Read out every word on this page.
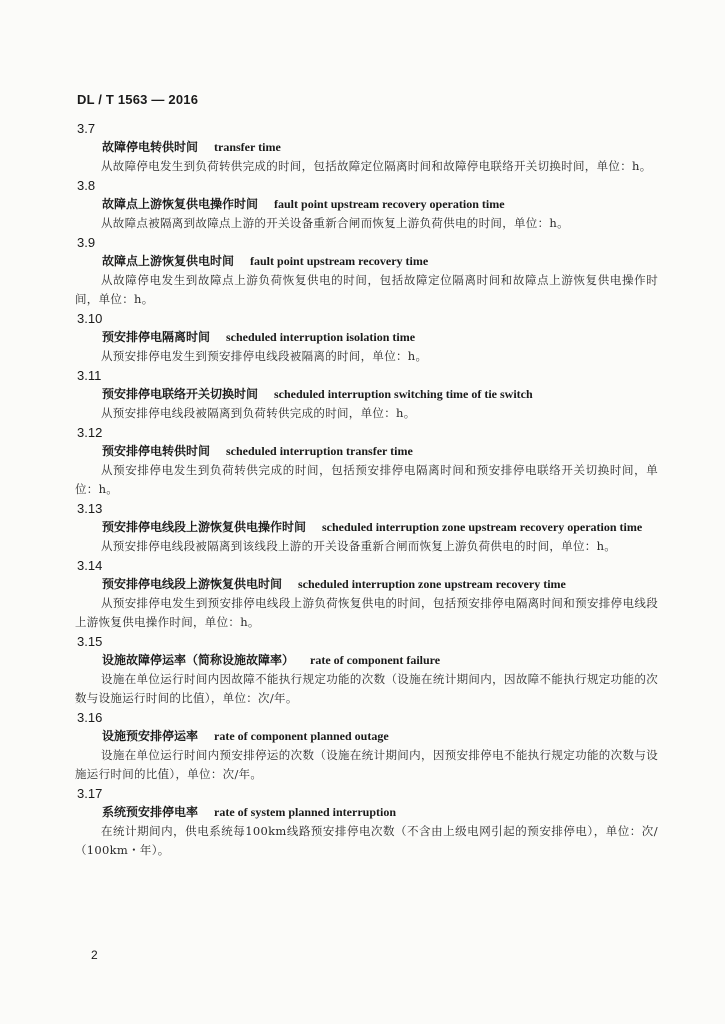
DL / T 1563 — 2016
3.7
故障停电转供时间 transfer time
从故障停电发生到负荷转供完成的时间，包括故障定位隔离时间和故障停电联络开关切换时间，单位：h。
3.8
故障点上游恢复供电操作时间 fault point upstream recovery operation time
从故障点被隔离到故障点上游的开关设备重新合闸而恢复上游负荷供电的时间，单位：h。
3.9
故障点上游恢复供电时间 fault point upstream recovery time
从故障停电发生到故障点上游负荷恢复供电的时间，包括故障定位隔离时间和故障点上游恢复供电操作时间，单位：h。
3.10
预安排停电隔离时间 scheduled interruption isolation time
从预安排停电发生到预安排停电线段被隔离的时间，单位：h。
3.11
预安排停电联络开关切换时间 scheduled interruption switching time of tie switch
从预安排停电线段被隔离到负荷转供完成的时间，单位：h。
3.12
预安排停电转供时间 scheduled interruption transfer time
从预安排停电发生到负荷转供完成的时间，包括预安排停电隔离时间和预安排停电联络开关切换时间，单位：h。
3.13
预安排停电线段上游恢复供电操作时间 scheduled interruption zone upstream recovery operation time
从预安排停电线段被隔离到该线段上游的开关设备重新合闸而恢复上游负荷供电的时间，单位：h。
3.14
预安排停电线段上游恢复供电时间 scheduled interruption zone upstream recovery time
从预安排停电发生到预安排停电线段上游负荷恢复供电的时间，包括预安排停电隔离时间和预安排停电线段上游恢复供电操作时间，单位：h。
3.15
设施故障停运率（简称设施故障率） rate of component failure
设施在单位运行时间内因故障不能执行规定功能的次数（设施在统计期间内，因故障不能执行规定功能的次数与设施运行时间的比值），单位：次/年。
3.16
设施预安排停运率 rate of component planned outage
设施在单位运行时间内预安排停运的次数（设施在统计期间内，因预安排停电不能执行规定功能的次数与设施运行时间的比值），单位：次/年。
3.17
系统预安排停电率 rate of system planned interruption
在统计期间内，供电系统每100km线路预安排停电次数（不含由上级电网引起的预安排停电），单位：次/（100km・年）。
2
